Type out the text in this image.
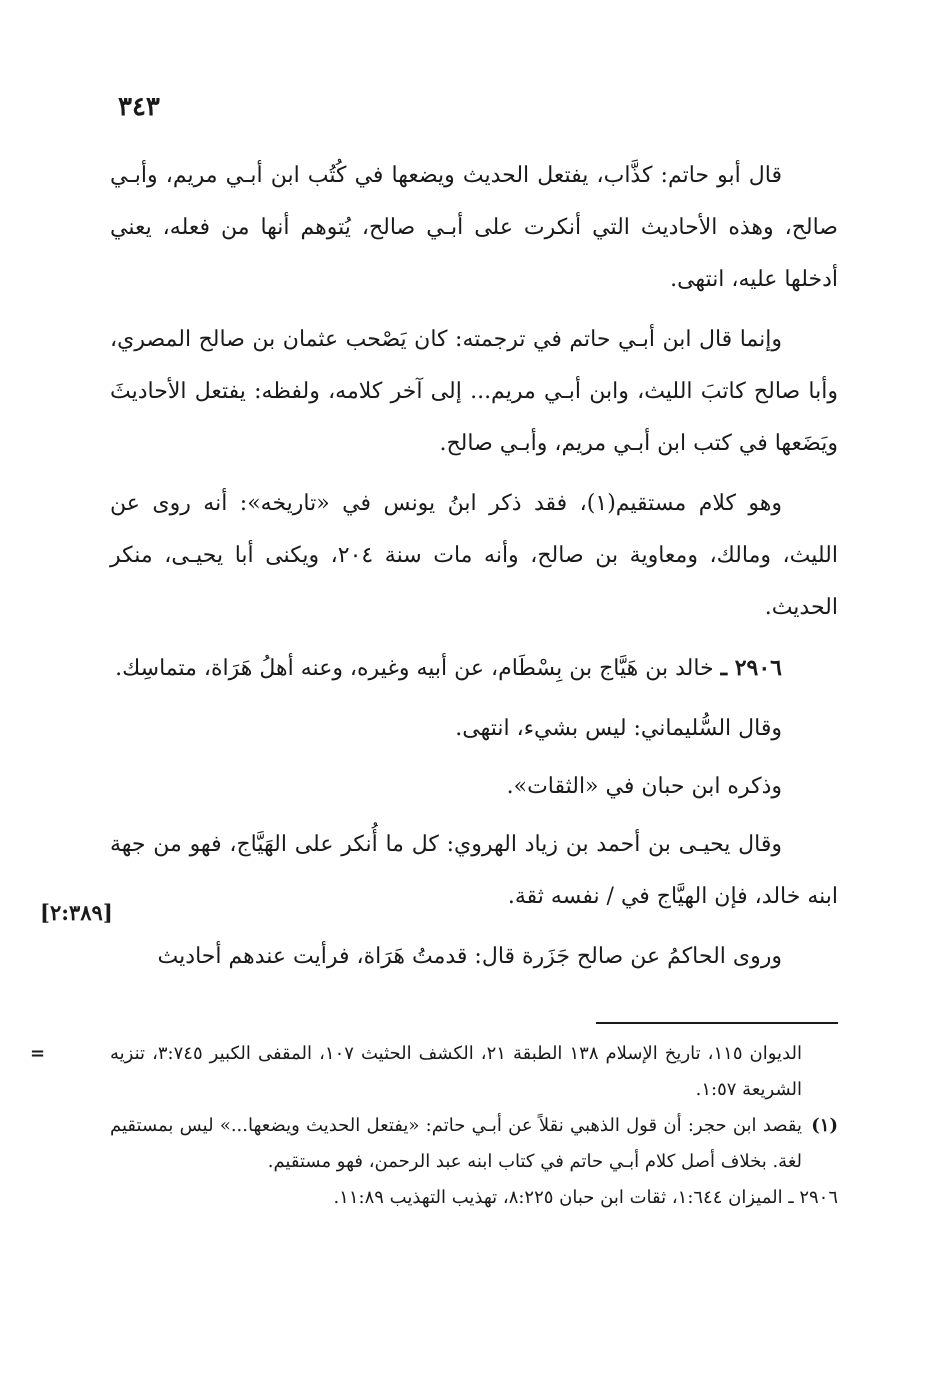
٣٤٣

قال أبو حاتم: كذَّاب، يفتعل الحديث ويضعها في كُتُب ابن أبـي مريم، وأبـي صالح، وهذه الأحاديث التي أنكرت على أبـي صالح، يُتوهم أنها من فعله، يعني أدخلها عليه، انتهى.

وإنما قال ابن أبـي حاتم في ترجمته: كان يَصْحب عثمان بن صالح المصري، وأبا صالح كاتبَ الليث، وابن أبـي مريم... إلى آخر كلامه، ولفظه: يفتعل الأحاديثَ ويَضَعها في كتب ابن أبـي مريم، وأبـي صالح.

وهو كلام مستقيم(١)، فقد ذكر ابنُ يونس في «تاريخه»: أنه روى عن الليث، ومالك، ومعاوية بن صالح، وأنه مات سنة ٢٠٤، ويكنى أبا يحيـى، منكر الحديث.

٢٩٠٦ ـ خالد بن هَيَّاج بن بِسْطَام، عن أبيه وغيره، وعنه أهلُ هَرَاة، متماسِك.

وقال السُّليماني: ليس بشيء، انتهى.

وذكره ابن حبان في «الثقات».

وقال يحيـى بن أحمد بن زياد الهروي: كل ما أُنكر على الهَيَّاج، فهو من جهة ابنه خالد، فإن الهيَّاج في / نفسه ثقة.

وروى الحاكمُ عن صالح جَزَرة قال: قدمتُ هَرَاة، فرأيت عندهم أحاديث

[٢:٣٨٩]

=	الديوان ١١٥، تاريخ الإسلام ١٣٨ الطبقة ٢١، الكشف الحثيث ١٠٧، المقفى الكبير ٣:٧٤٥، تنزيه الشريعة ١:٥٧.

(١)
يقصد ابن حجر: أن قول الذهبي نقلاً عن أبـي حاتم: «يفتعل الحديث ويضعها...» ليس بمستقيم لغة. بخلاف أصل كلام أبـي حاتم في كتاب ابنه عبد الرحمن، فهو مستقيم.

٢٩٠٦ ـ الميزان ١:٦٤٤، ثقات ابن حبان ٨:٢٢٥، تهذيب التهذيب ١١:٨٩.
